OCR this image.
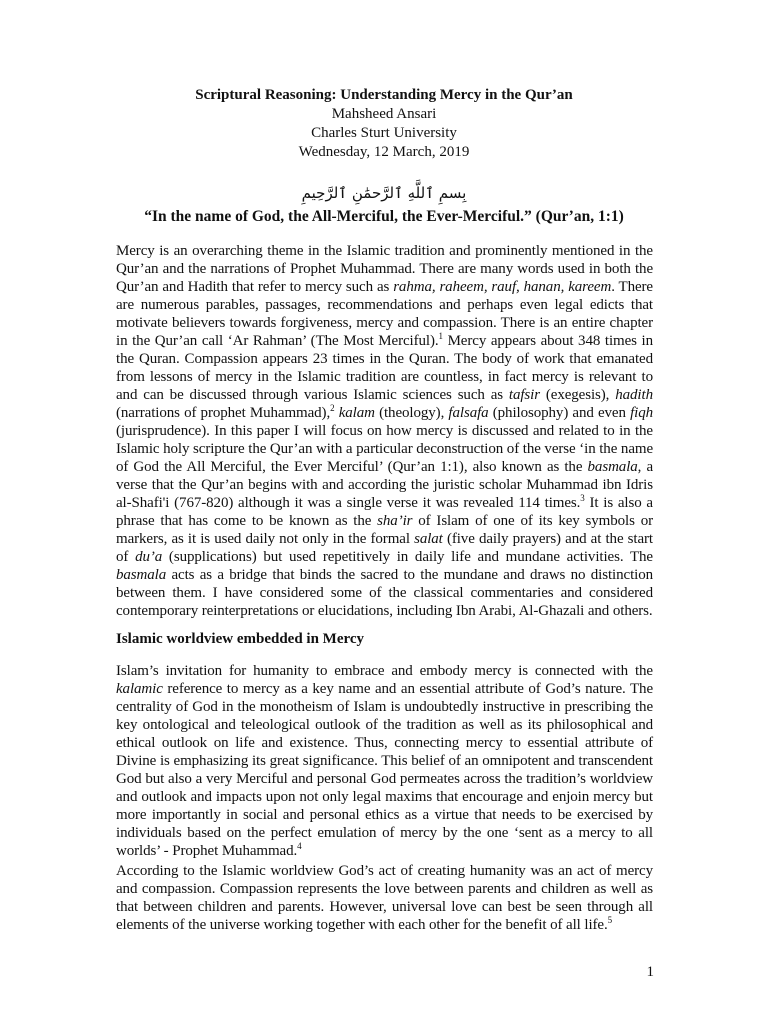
Scriptural Reasoning: Understanding Mercy in the Qur’an
Mahsheed Ansari
Charles Sturt University
Wednesday, 12 March, 2019
بِسمِ ٱللَّهِ ٱلرَّحمَٰنِ ٱلرَّحِيمِ
“In the name of God, the All-Merciful, the Ever-Merciful.” (Qur’an, 1:1)

Mercy is an overarching theme in the Islamic tradition and prominently mentioned in the Qur’an and the narrations of Prophet Muhammad. There are many words used in both the Qur’an and Hadith that refer to mercy such as rahma, raheem, rauf, hanan, kareem. There are numerous parables, passages, recommendations and perhaps even legal edicts that motivate believers towards forgiveness, mercy and compassion. There is an entire chapter in the Qur’an call ‘Ar Rahman’ (The Most Merciful).$^1$ Mercy appears about 348 times in the Quran. Compassion appears 23 times in the Quran. The body of work that emanated from lessons of mercy in the Islamic tradition are countless, in fact mercy is relevant to and can be discussed through various Islamic sciences such as tafsir (exegesis), hadith (narrations of prophet Muhammad),$^2$ kalam (theology), falsafa (philosophy) and even fiqh (jurisprudence). In this paper I will focus on how mercy is discussed and related to in the Islamic holy scripture the Qur’an with a particular deconstruction of the verse ‘in the name of God the All Merciful, the Ever Merciful’ (Qur’an 1:1), also known as the basmala, a verse that the Qur’an begins with and according the juristic scholar Muhammad ibn Idris al-Shafi'i (767-820) although it was a single verse it was revealed 114 times.$^3$ It is also a phrase that has come to be known as the sha’ir of Islam of one of its key symbols or markers, as it is used daily not only in the formal salat (five daily prayers) and at the start of du’a (supplications) but used repetitively in daily life and mundane activities. The basmala acts as a bridge that binds the sacred to the mundane and draws no distinction between them. I have considered some of the classical commentaries and considered contemporary reinterpretations or elucidations, including Ibn Arabi, Al-Ghazali and others.

Islamic worldview embedded in Mercy

Islam’s invitation for humanity to embrace and embody mercy is connected with the kalamic reference to mercy as a key name and an essential attribute of God’s nature. The centrality of God in the monotheism of Islam is undoubtedly instructive in prescribing the key ontological and teleological outlook of the tradition as well as its philosophical and ethical outlook on life and existence. Thus, connecting mercy to essential attribute of Divine is emphasizing its great significance. This belief of an omnipotent and transcendent God but also a very Merciful and personal God permeates across the tradition’s worldview and outlook and impacts upon not only legal maxims that encourage and enjoin mercy but more importantly in social and personal ethics as a virtue that needs to be exercised by individuals based on the perfect emulation of mercy by the one ‘sent as a mercy to all worlds’ - Prophet Muhammad.$^4$

According to the Islamic worldview God’s act of creating humanity was an act of mercy and compassion. Compassion represents the love between parents and children as well as that between children and parents. However, universal love can best be seen through all elements of the universe working together with each other for the benefit of all life.$^5$

1
